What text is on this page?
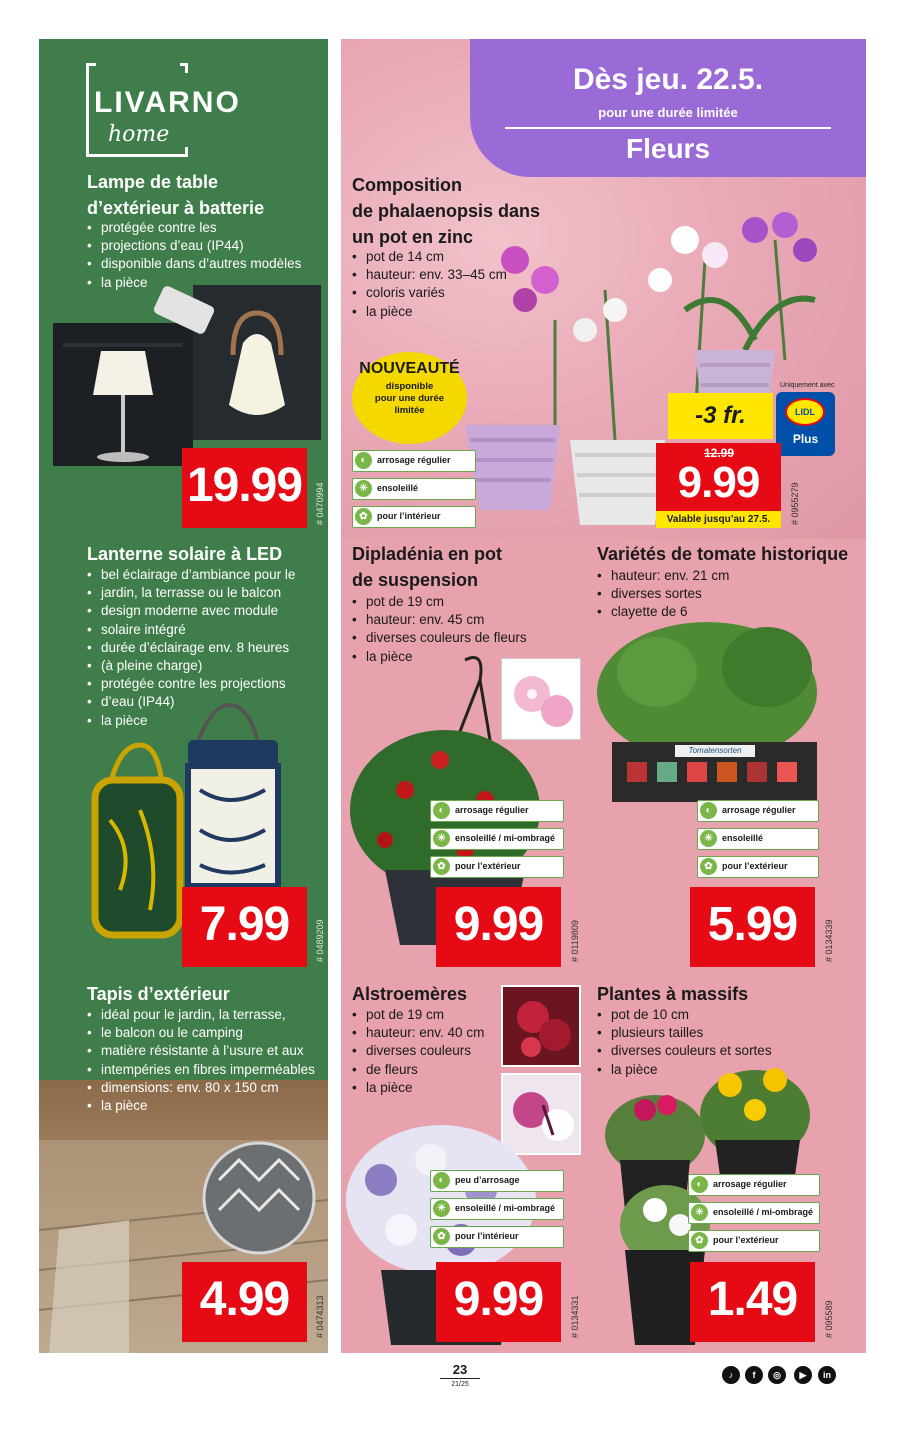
LIVARNO
home
Lampe de table
d’extérieur à batterie
• protégée contre les
• projections d’eau (IP44)
• disponible dans d’autres modèles
• la pièce
19.99	# 0470994
Lanterne solaire à LED
• bel éclairage d’ambiance pour le
• jardin, la terrasse ou le balcon
• design moderne avec module
• solaire intégré
• durée d’éclairage env. 8 heures
• (à pleine charge)
• protégée contre les projections
• d’eau (IP44)
• la pièce
7.99	# 0489209
Tapis d’extérieur
• idéal pour le jardin, la terrasse,
• le balcon ou le camping
• matière résistante à l’usure et aux
• intempéries en fibres imperméables
• dimensions: env. 80 x 150 cm
• la pièce
4.99	# 0474313
Dès jeu. 22.5.
pour une durée limitée
Fleurs
Composition
de phalaenopsis dans
un pot en zinc
• pot de 14 cm
• hauteur: env. 33–45 cm
• coloris variés
• la pièce
NOUVEAUTÉ
disponible
pour une durée
limitée
◐	arrosage régulier
☀	ensoleillé
✿	pour l’intérieur
-3 fr.
Uniquement avec
LIDL
Plus
12.99
9.99
Valable jusqu’au 27.5.	# 0955279
Dipladénia en pot
de suspension
• pot de 19 cm
• hauteur: env. 45 cm
• diverses couleurs de fleurs
• la pièce
◐	arrosage régulier
☀	ensoleillé / mi-ombragé
✿	pour l’extérieur
9.99	# 0119809
Variétés de tomate historique
• hauteur: env. 21 cm
• diverses sortes
• clayette de 6
Tomatensorten
◐	arrosage régulier
☀	ensoleillé
✿	pour l’extérieur
5.99	# 0134339
Alstroemères
• pot de 19 cm
• hauteur: env. 40 cm
• diverses couleurs
• de fleurs
• la pièce
◐	peu d’arrosage
☀	ensoleillé / mi-ombragé
✿	pour l’intérieur
9.99	# 0134331
Plantes à massifs
• pot de 10 cm
• plusieurs tailles
• diverses couleurs et sortes
• la pièce
◐	arrosage régulier
☀	ensoleillé / mi-ombragé
✿	pour l’extérieur
1.49	# 095589
23
21/25
♪	f	◎	▶	in
